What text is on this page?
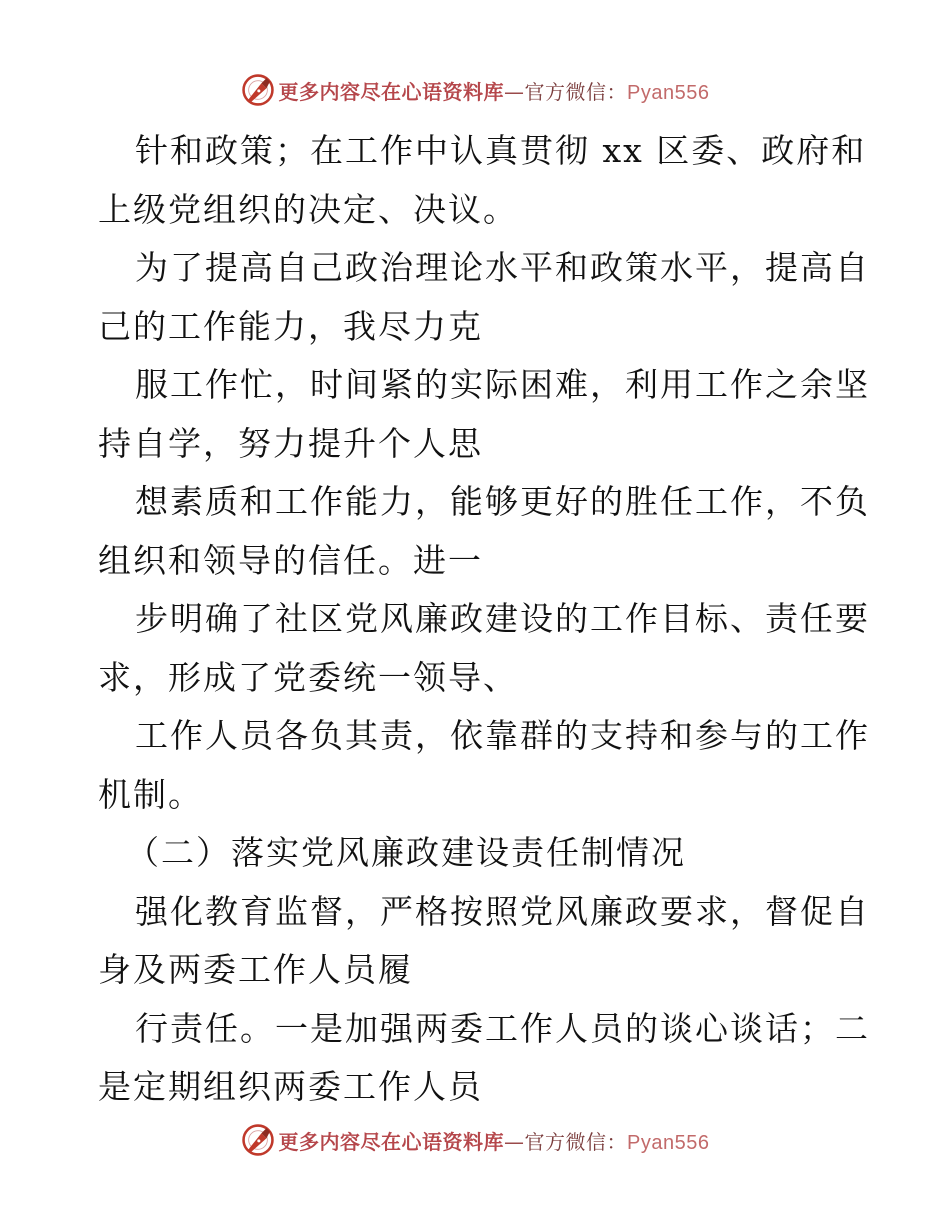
更多内容尽在心语资料库—官方微信：Pyan556
针和政策；在工作中认真贯彻 xx 区委、政府和
上级党组织的决定、决议。
为了提高自己政治理论水平和政策水平，提高自
己的工作能力，我尽力克
服工作忙，时间紧的实际困难，利用工作之余坚
持自学，努力提升个人思
想素质和工作能力，能够更好的胜任工作，不负
组织和领导的信任。进一
步明确了社区党风廉政建设的工作目标、责任要
求，形成了党委统一领导、
工作人员各负其责，依靠群的支持和参与的工作
机制。
（二）落实党风廉政建设责任制情况
强化教育监督，严格按照党风廉政要求，督促自
身及两委工作人员履
行责任。一是加强两委工作人员的谈心谈话；二
是定期组织两委工作人员
更多内容尽在心语资料库—官方微信：Pyan556
